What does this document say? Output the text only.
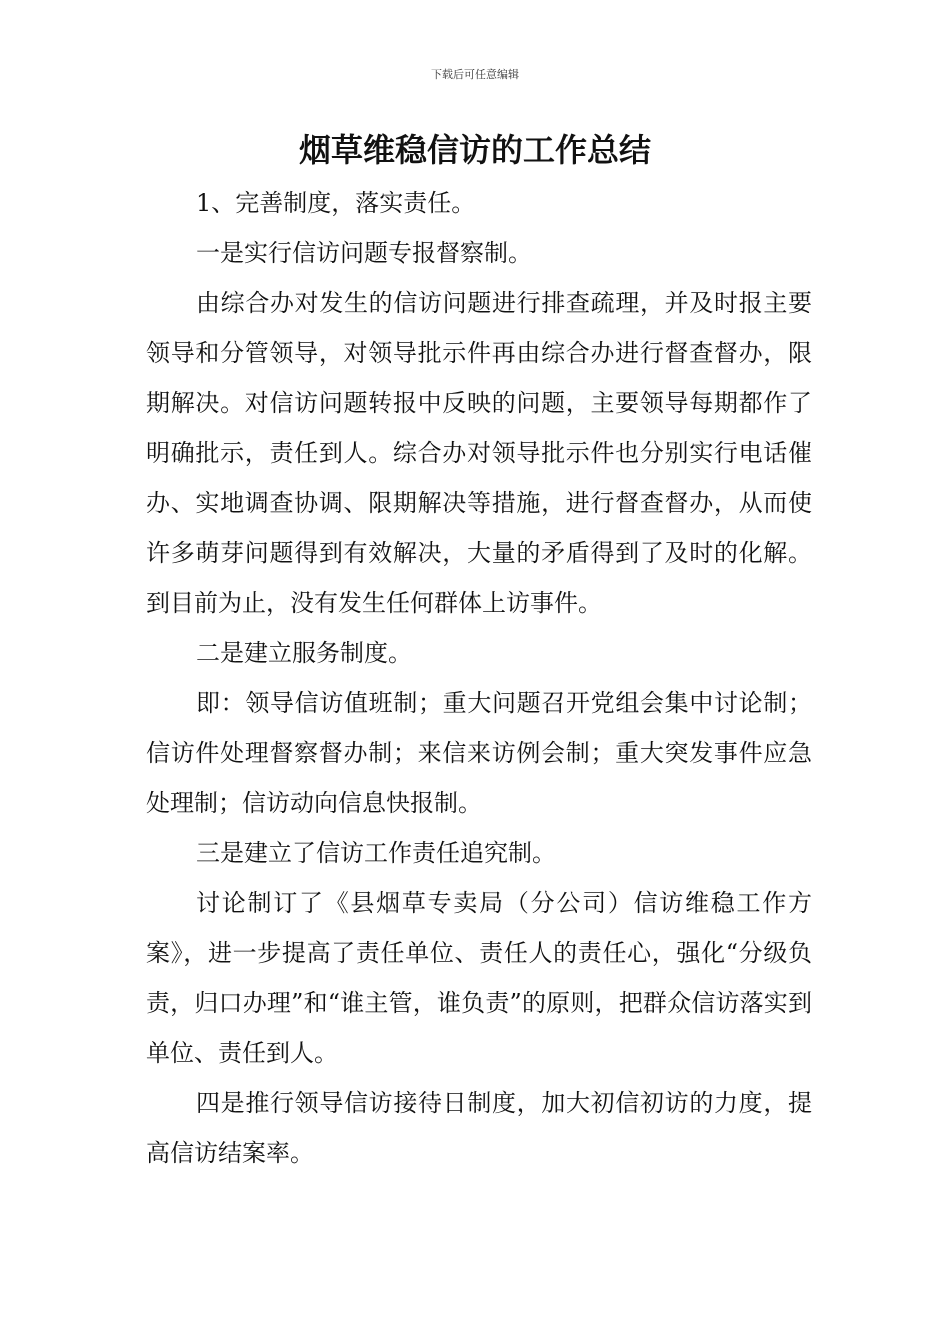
下载后可任意编辑
烟草维稳信访的工作总结

1、完善制度，落实责任。

一是实行信访问题专报督察制。

由综合办对发生的信访问题进行排查疏理，并及时报主要领导和分管领导，对领导批示件再由综合办进行督查督办，限期解决。对信访问题转报中反映的问题，主要领导每期都作了明确批示，责任到人。综合办对领导批示件也分别实行电话催办、实地调查协调、限期解决等措施，进行督查督办，从而使许多萌芽问题得到有效解决，大量的矛盾得到了及时的化解。到目前为止，没有发生任何群体上访事件。

二是建立服务制度。

即：领导信访值班制；重大问题召开党组会集中讨论制；信访件处理督察督办制；来信来访例会制；重大突发事件应急处理制；信访动向信息快报制。

三是建立了信访工作责任追究制。

讨论制订了《县烟草专卖局（分公司）信访维稳工作方案》，进一步提高了责任单位、责任人的责任心，强化“分级负责，归口办理”和“谁主管，谁负责”的原则，把群众信访落实到单位、责任到人。

四是推行领导信访接待日制度，加大初信初访的力度，提高信访结案率。
